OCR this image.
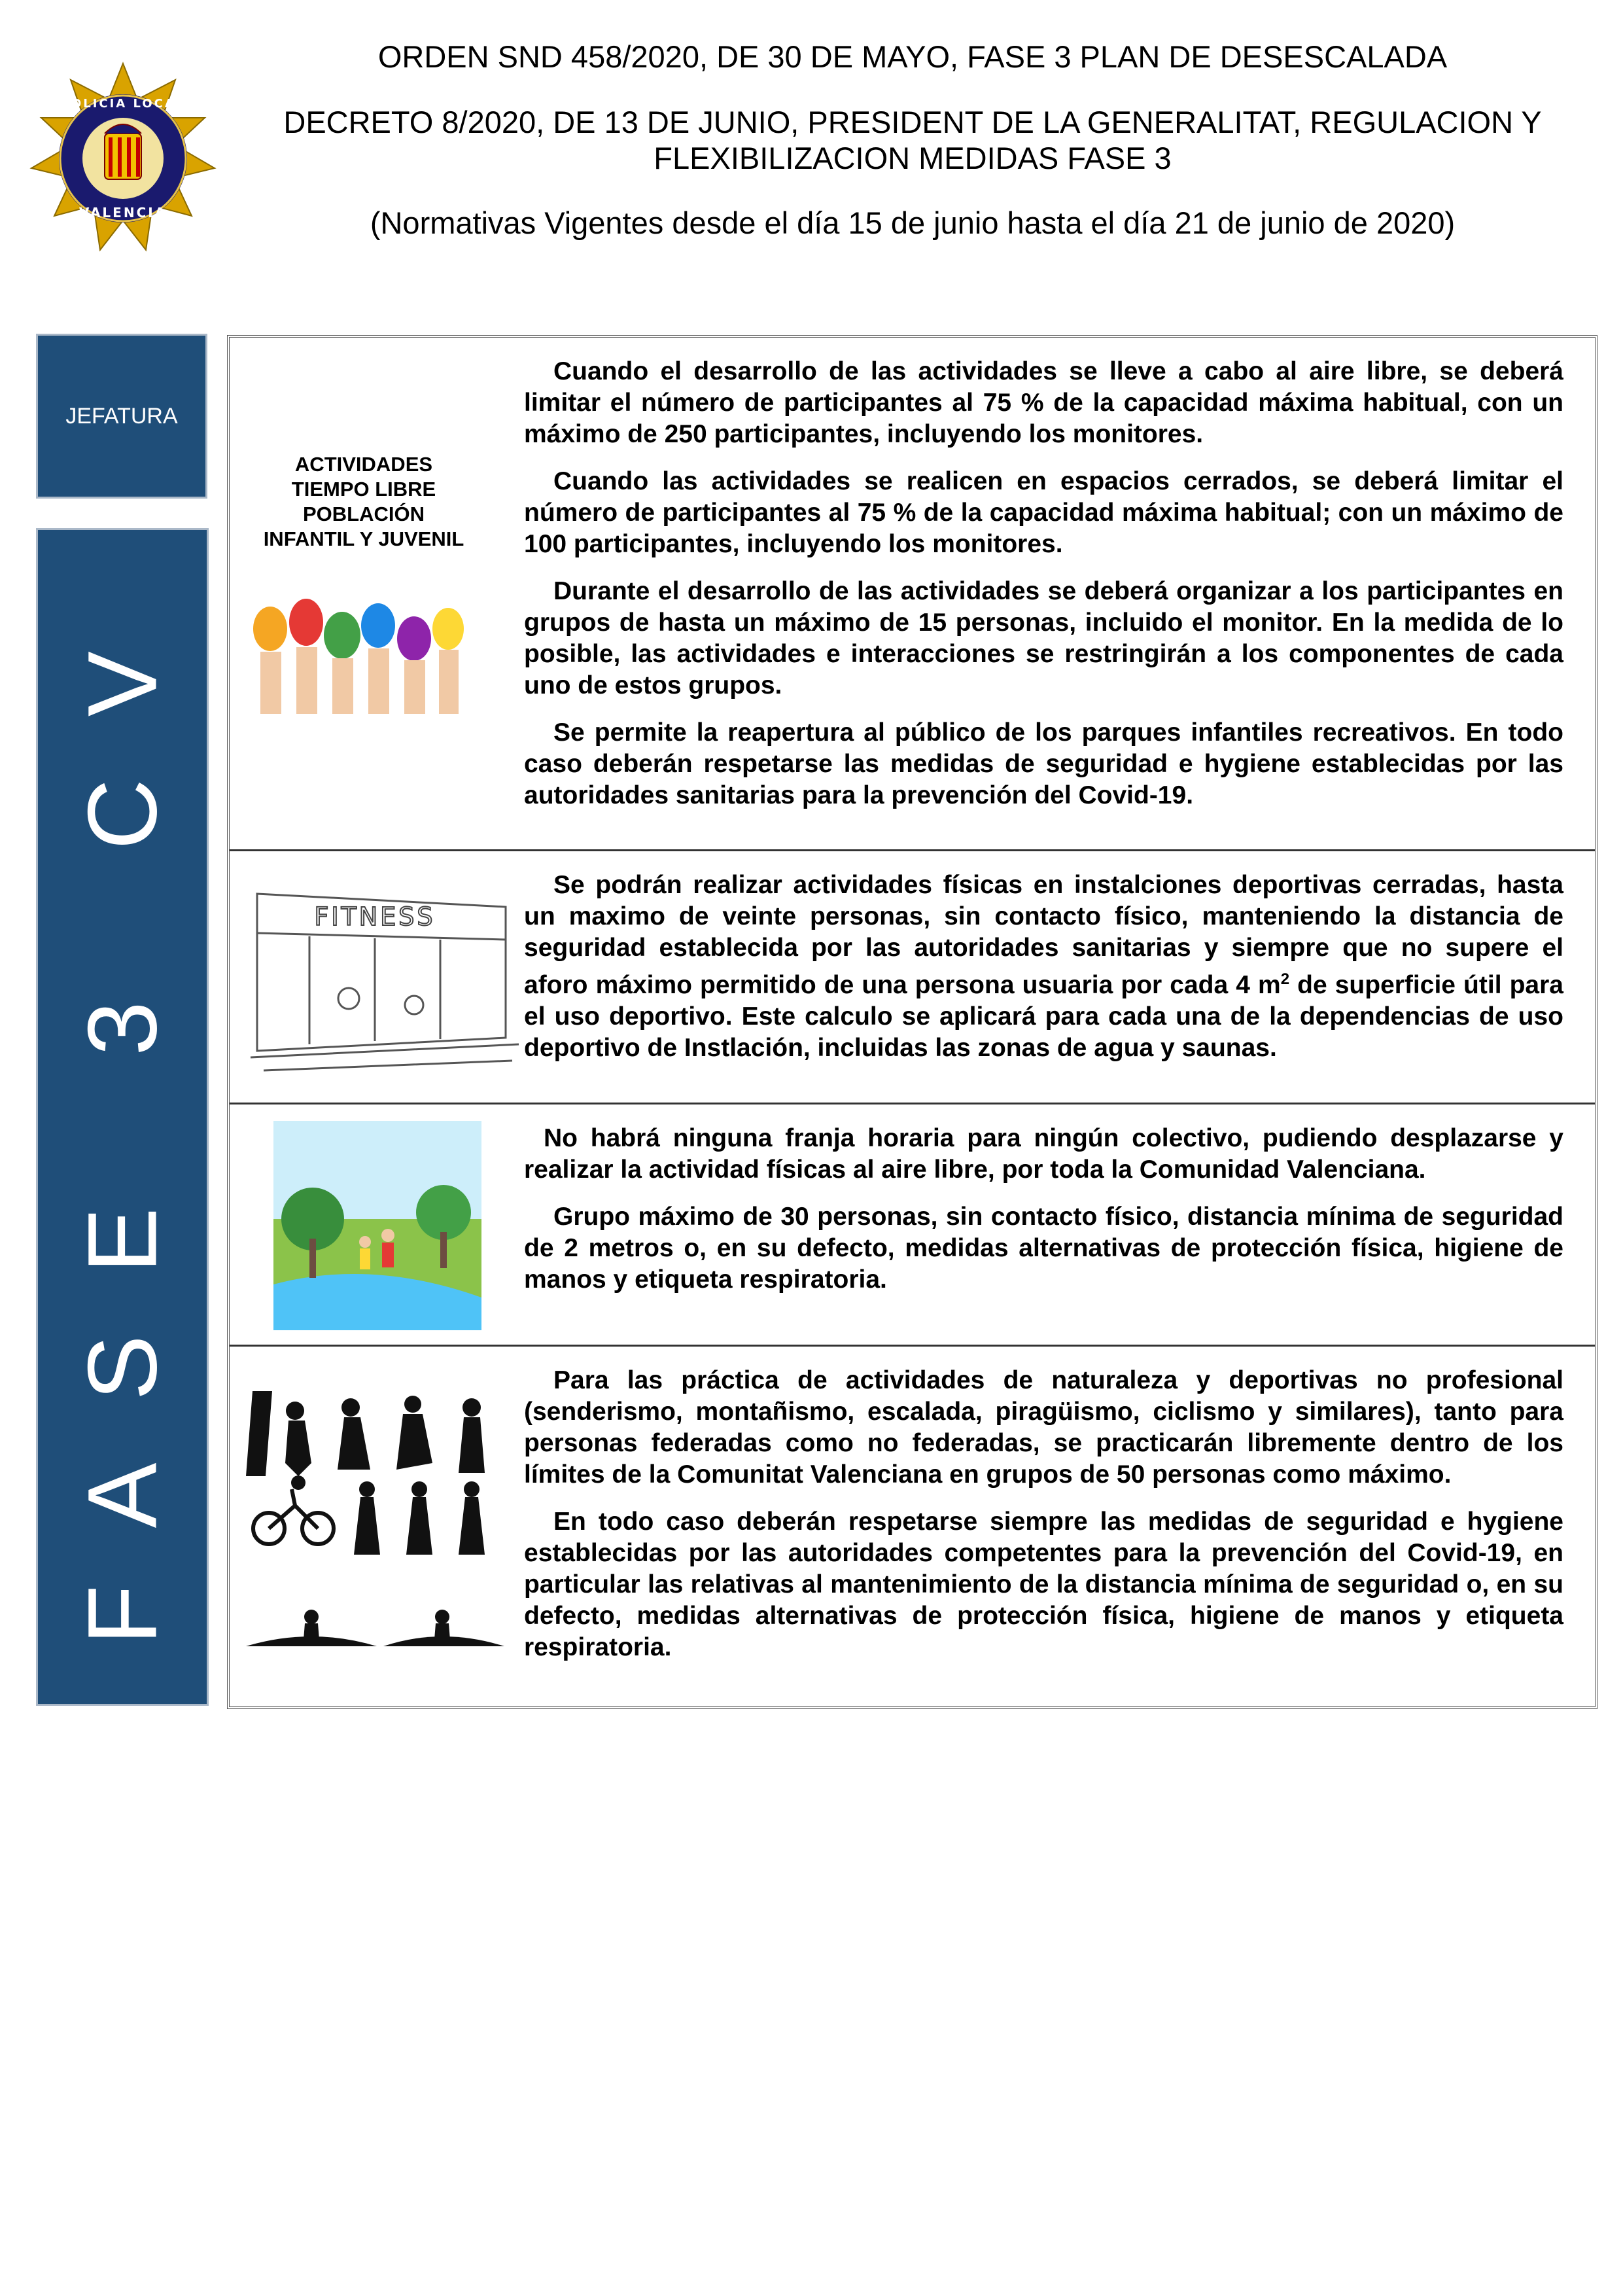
POLICIA LOCAL
VALENCIA
ORDEN SND 458/2020, DE 30 DE MAYO, FASE 3 PLAN DE DESESCALADA
DECRETO 8/2020, DE 13 DE JUNIO, PRESIDENT DE LA GENERALITAT, REGULACION Y
FLEXIBILIZACION MEDIDAS FASE 3
(Normativas Vigentes desde el día 15 de junio hasta el día 21 de junio de 2020)
JEFATURA
FASE 3 CV
ACTIVIDADES
TIEMPO LIBRE
POBLACIÓN
INFANTIL Y JUVENIL

Cuando el desarrollo de las actividades se lleve a cabo al aire libre, se deberá limitar el número de participantes al 75 % de la capacidad máxima habitual, con un máximo de 250 participantes, incluyendo los monitores.

Cuando las actividades se realicen en espacios cerrados, se deberá limitar el número de participantes al 75 % de la capacidad máxima habitual; con un máximo de 100 participantes, incluyendo los monitores.

Durante el desarrollo de las actividades se deberá organizar a los participantes en grupos de hasta un máximo de 15 personas, incluido el monitor. En la medida de lo posible, las actividades e interacciones se restringirán a los componentes de cada uno de estos grupos.

Se permite la reapertura al público de los parques infantiles recreativos. En todo caso deberán respetarse las medidas de seguridad e hygiene establecidas por las autoridades sanitarias para la prevención del Covid-19.

FITNESS

Se podrán realizar actividades físicas en instalciones deportivas cerradas, hasta un maximo de veinte personas, sin contacto físico, manteniendo la distancia de seguridad establecida por las autoridades sanitarias y siempre que no supere el aforo máximo permitido de una persona usuaria por cada 4 $m^2$ de superficie útil para el uso deportivo. Este calculo se aplicará para cada una de la dependencias de uso deportivo de Instlación, incluidas las zonas de agua y saunas.

No habrá ninguna franja horaria para ningún colectivo, pudiendo desplazarse y realizar la actividad físicas al aire libre, por toda la Comunidad Valenciana.

Grupo máximo de 30 personas, sin contacto físico, distancia mínima de seguridad de 2 metros o, en su defecto, medidas alternativas de protección física, higiene de manos y etiqueta respiratoria.

Para las práctica de actividades de naturaleza y deportivas no profesional (senderismo, montañismo, escalada, piragüismo, ciclismo y similares), tanto para personas federadas como no federadas, se practicarán libremente dentro de los límites de la Comunitat Valenciana en grupos de 50 personas como máximo.

En todo caso deberán respetarse siempre las medidas de seguridad e hygiene establecidas por las autoridades competentes para la prevención del Covid-19, en particular las relativas al mantenimiento de la distancia mínima de seguridad o, en su defecto, medidas alternativas de protección física, higiene de manos y etiqueta respiratoria.
